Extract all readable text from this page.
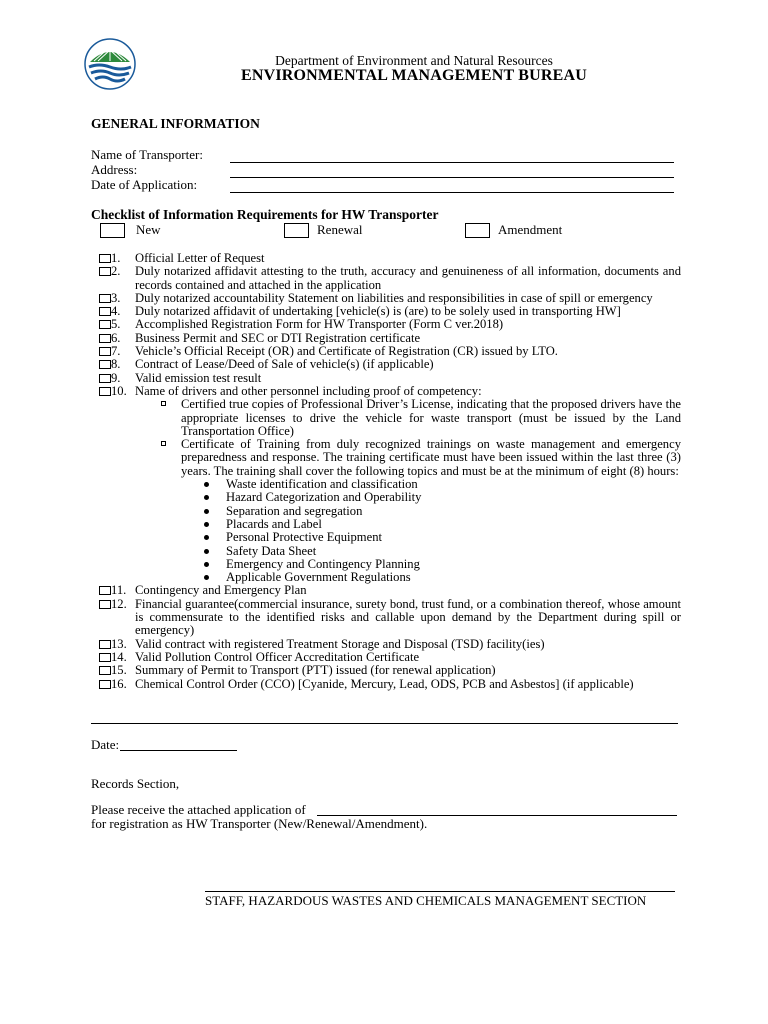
Department of Environment and Natural Resources
ENVIRONMENTAL MANAGEMENT BUREAU
GENERAL INFORMATION
Name of Transporter:
Address:
Date of Application:
Checklist of Information Requirements for HW Transporter
New	Renewal	Amendment
1. Official Letter of Request
2. Duly notarized affidavit attesting to the truth, accuracy and genuineness of all information, documents and records contained and attached in the application
3. Duly notarized accountability Statement on liabilities and responsibilities in case of spill or emergency
4. Duly notarized affidavit of undertaking [vehicle(s) is (are) to be solely used in transporting HW]
5. Accomplished Registration Form for HW Transporter (Form C ver.2018)
6. Business Permit and SEC or DTI Registration certificate
7. Vehicle’s Official Receipt (OR) and Certificate of Registration (CR) issued by LTO.
8. Contract of Lease/Deed of Sale of vehicle(s) (if applicable)
9. Valid emission test result
10. Name of drivers and other personnel including proof of competency:
Certified true copies of Professional Driver’s License, indicating that the proposed drivers have the appropriate licenses to drive the vehicle for waste transport (must be issued by the Land Transportation Office)
Certificate of Training from duly recognized trainings on waste management and emergency preparedness and response. The training certificate must have been issued within the last three (3) years. The training shall cover the following topics and must be at the minimum of eight (8) hours:
Waste identification and classification
Hazard Categorization and Operability
Separation and segregation
Placards and Label
Personal Protective Equipment
Safety Data Sheet
Emergency and Contingency Planning
Applicable Government Regulations
11. Contingency and Emergency Plan
12. Financial guarantee(commercial insurance, surety bond, trust fund, or a combination thereof, whose amount is commensurate to the identified risks and callable upon demand by the Department during spill or emergency)
13. Valid contract with registered Treatment Storage and Disposal (TSD) facility(ies)
14. Valid Pollution Control Officer Accreditation Certificate
15. Summary of Permit to Transport (PTT) issued (for renewal application)
16. Chemical Control Order (CCO) [Cyanide, Mercury, Lead, ODS, PCB and Asbestos] (if applicable)
Date:
Records Section,
Please receive the attached application of
for registration as HW Transporter (New/Renewal/Amendment).
STAFF, HAZARDOUS WASTES AND CHEMICALS MANAGEMENT SECTION
